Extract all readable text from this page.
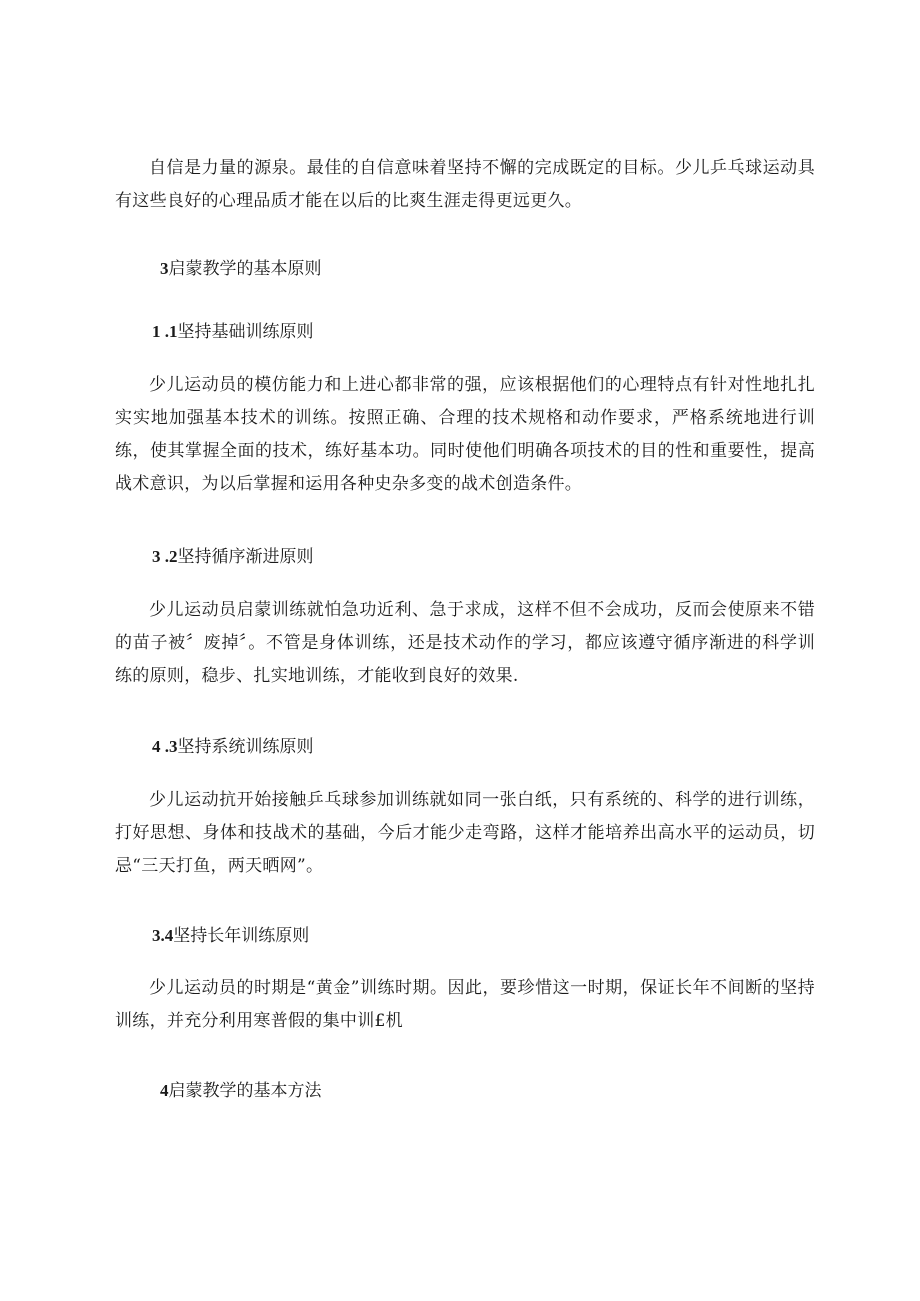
自信是力量的源泉。最佳的自信意味着坚持不懈的完成既定的目标。少儿乒乓球运动具有这些良好的心理品质才能在以后的比爽生涯走得更远更久。

3启蒙教学的基本原则
1 .1坚持基础训练原则

少儿运动员的模仿能力和上进心都非常的强，应该根据他们的心理特点有针对性地扎扎实实地加强基本技术的训练。按照正确、合理的技术规格和动作要求，严格系统地进行训练，使其掌握全面的技术，练好基本功。同时使他们明确各项技术的目的性和重要性，提高战术意识，为以后掌握和运用各种史杂多变的战术创造条件。

3 .2坚持循序渐进原则

少儿运动员启蒙训练就怕急功近利、急于求成，这样不但不会成功，反而会使原来不错的苗子被〞废掉〞。不管是身体训练，还是技术动作的学习，都应该遵守循序渐进的科学训练的原则，稳步、扎实地训练，才能收到良好的效果.

4 .3坚持系统训练原则

少儿运动抗开始接触乒乓球参加训练就如同一张白纸，只有系统的、科学的进行训练，打好思想、身体和技战术的基础，今后才能少走弯路，这样才能培养出高水平的运动员，切忌“三天打鱼，两天晒网”。

3.4坚持长年训练原则

少儿运动员的时期是“黄金”训练时期。因此，要珍惜这一时期，保证长年不间断的坚持训练，并充分利用寒普假的集中训£机

4启蒙教学的基本方法
